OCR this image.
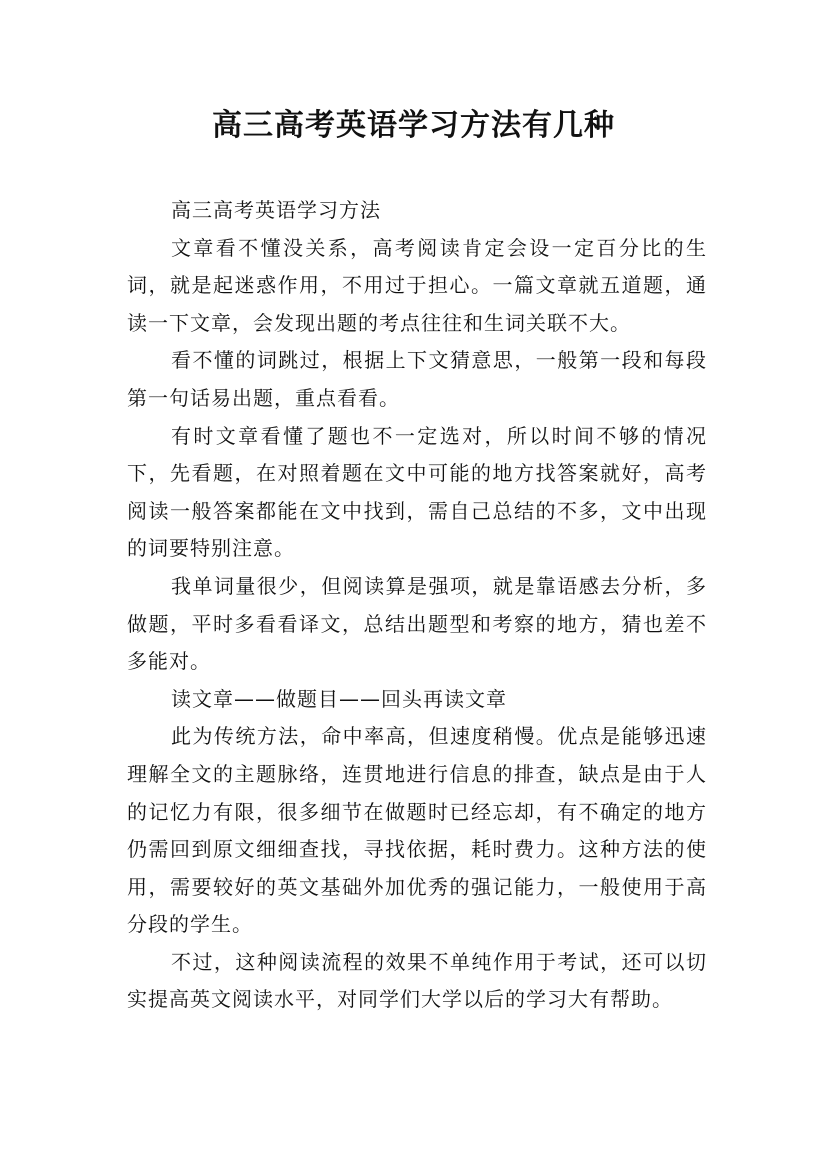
高三高考英语学习方法有几种

高三高考英语学习方法

文章看不懂没关系，高考阅读肯定会设一定百分比的生词，就是起迷惑作用，不用过于担心。一篇文章就五道题，通读一下文章，会发现出题的考点往往和生词关联不大。

看不懂的词跳过，根据上下文猜意思，一般第一段和每段第一句话易出题，重点看看。

有时文章看懂了题也不一定选对，所以时间不够的情况下，先看题，在对照着题在文中可能的地方找答案就好，高考阅读一般答案都能在文中找到，需自己总结的不多，文中出现的词要特别注意。

我单词量很少，但阅读算是强项，就是靠语感去分析，多做题，平时多看看译文，总结出题型和考察的地方，猜也差不多能对。

读文章——做题目——回头再读文章

此为传统方法，命中率高，但速度稍慢。优点是能够迅速理解全文的主题脉络，连贯地进行信息的排查，缺点是由于人的记忆力有限，很多细节在做题时已经忘却，有不确定的地方仍需回到原文细细查找，寻找依据，耗时费力。这种方法的使用，需要较好的英文基础外加优秀的强记能力，一般使用于高分段的学生。

不过，这种阅读流程的效果不单纯作用于考试，还可以切实提高英文阅读水平，对同学们大学以后的学习大有帮助。
